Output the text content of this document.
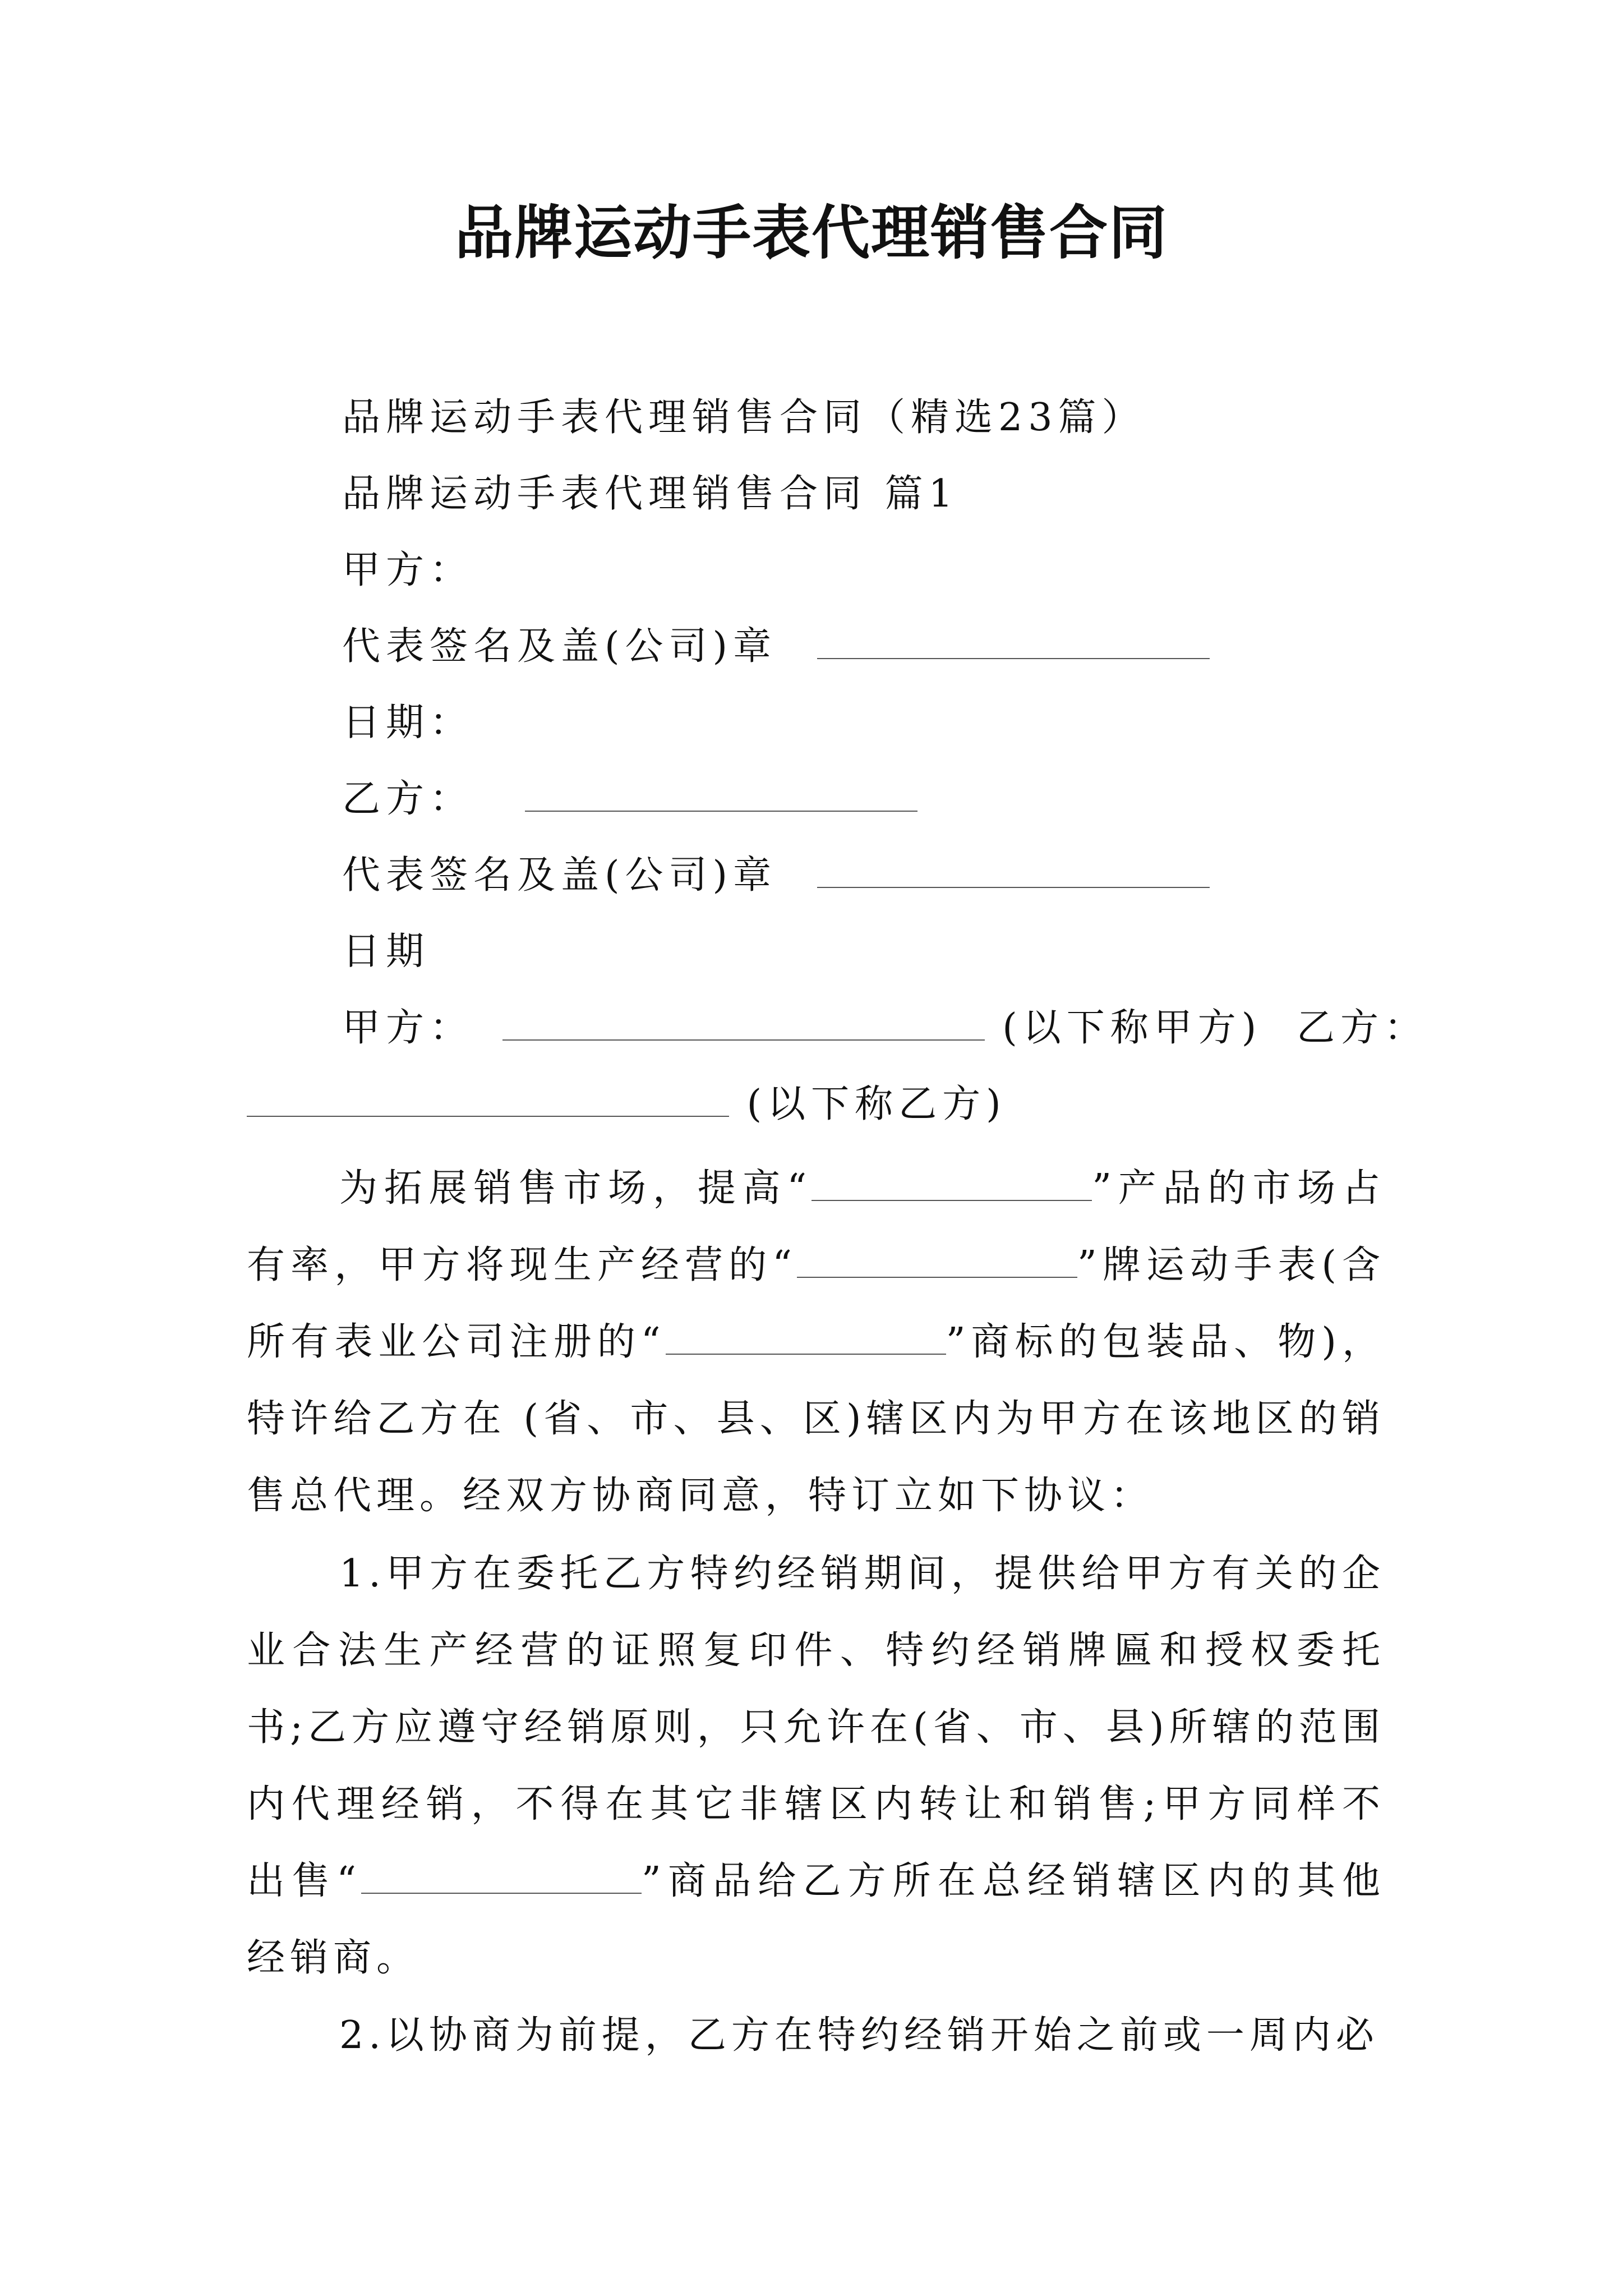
品牌运动手表代理销售合同
品牌运动手表代理销售合同（精选23篇）
品牌运动手表代理销售合同 篇1
甲方：
代表签名及盖(公司)章
日期：
乙方：
代表签名及盖(公司)章
日期
甲方：	(以下称甲方) 乙方：
(以下称乙方)
为拓展销售市场，提高“	”产品的市场占有率，甲方将现生产经营的“	”牌运动手表(含所有表业公司注册的“	”商标的包装品、物)，特许给乙方在 (省、市、县、区)辖区内为甲方在该地区的销售总代理。经双方协商同意，特订立如下协议：
1.甲方在委托乙方特约经销期间，提供给甲方有关的企业合法生产经营的证照复印件、特约经销牌匾和授权委托书;乙方应遵守经销原则，只允许在(省、市、县)所辖的范围内代理经销，不得在其它非辖区内转让和销售;甲方同样不出售“	”商品给乙方所在总经销辖区内的其他经销商。
2.以协商为前提，乙方在特约经销开始之前或一周内必
